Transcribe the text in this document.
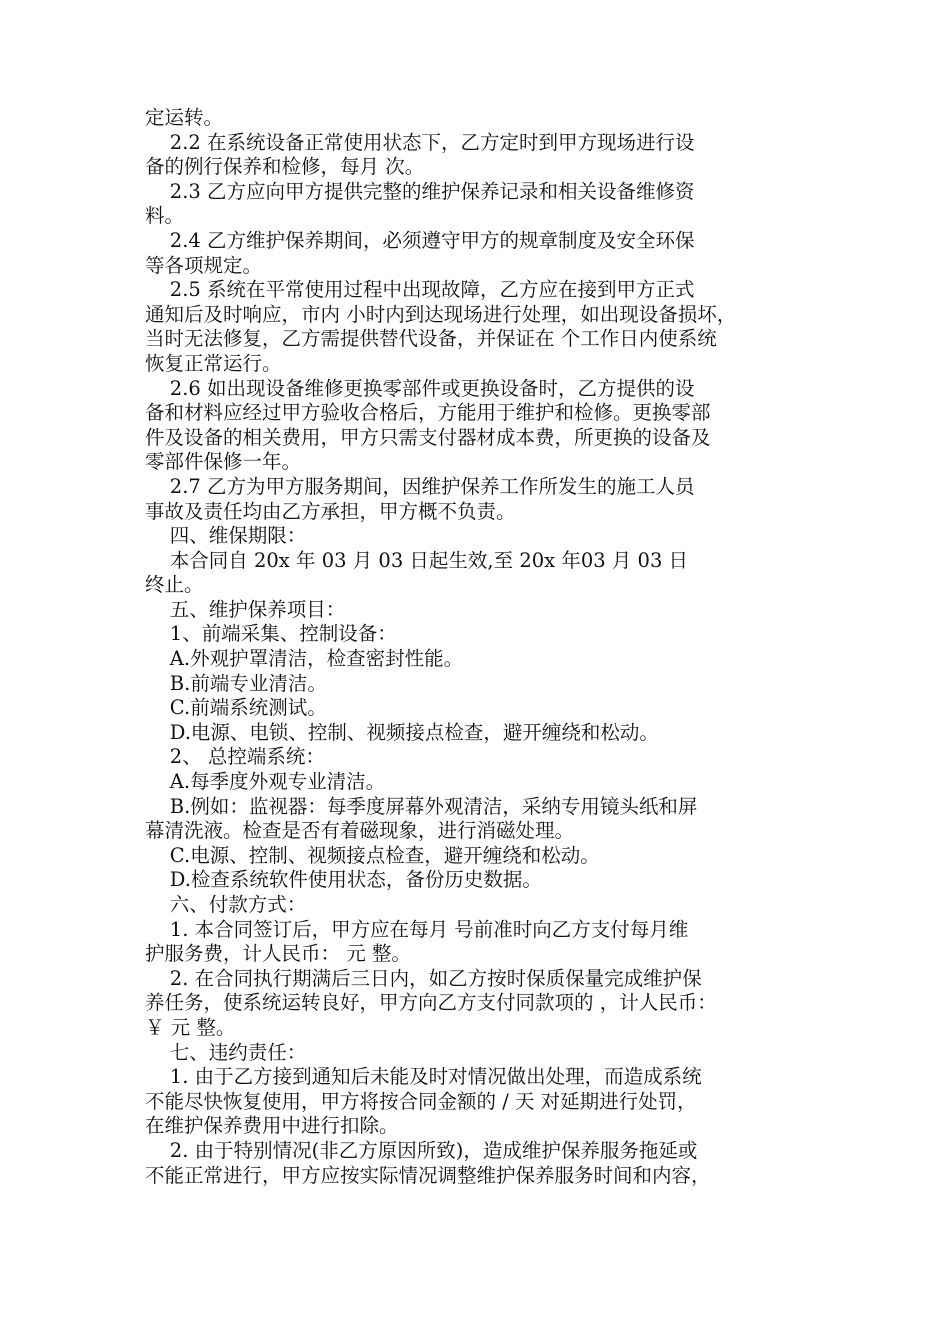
定运转。
2.2 在系统设备正常使用状态下，乙方定时到甲方现场进行设
备的例行保养和检修，每月 次。
2.3 乙方应向甲方提供完整的维护保养记录和相关设备维修资
料。
2.4 乙方维护保养期间，必须遵守甲方的规章制度及安全环保
等各项规定。
2.5 系统在平常使用过程中出现故障，乙方应在接到甲方正式
通知后及时响应，市内 小时内到达现场进行处理，如出现设备损坏，
当时无法修复，乙方需提供替代设备，并保证在 个工作日内使系统
恢复正常运行。
2.6 如出现设备维修更换零部件或更换设备时，乙方提供的设
备和材料应经过甲方验收合格后，方能用于维护和检修。更换零部
件及设备的相关费用，甲方只需支付器材成本费，所更换的设备及
零部件保修一年。
2.7 乙方为甲方服务期间，因维护保养工作所发生的施工人员
事故及责任均由乙方承担，甲方概不负责。
四、维保期限：
本合同自 20x 年 03 月 03 日起生效,至 20x 年03 月 03 日
终止。
五、维护保养项目：
1、前端采集、控制设备：
A.外观护罩清洁，检查密封性能。
B.前端专业清洁。
C.前端系统测试。
D.电源、电锁、控制、视频接点检查，避开缠绕和松动。
2、 总控端系统：
A.每季度外观专业清洁。
B.例如：监视器：每季度屏幕外观清洁，采纳专用镜头纸和屏
幕清洗液。检查是否有着磁现象，进行消磁处理。
C.电源、控制、视频接点检查，避开缠绕和松动。
D.检查系统软件使用状态，备份历史数据。
六、付款方式：
1. 本合同签订后，甲方应在每月 号前准时向乙方支付每月维
护服务费，计人民币： 元 整。
2. 在合同执行期满后三日内，如乙方按时保质保量完成维护保
养任务，使系统运转良好，甲方向乙方支付同款项的 ，计人民币：
￥ 元 整。
七、违约责任：
1. 由于乙方接到通知后未能及时对情况做出处理，而造成系统
不能尽快恢复使用，甲方将按合同金额的 / 天 对延期进行处罚，
在维护保养费用中进行扣除。
2. 由于特别情况(非乙方原因所致)，造成维护保养服务拖延或
不能正常进行，甲方应按实际情况调整维护保养服务时间和内容，
